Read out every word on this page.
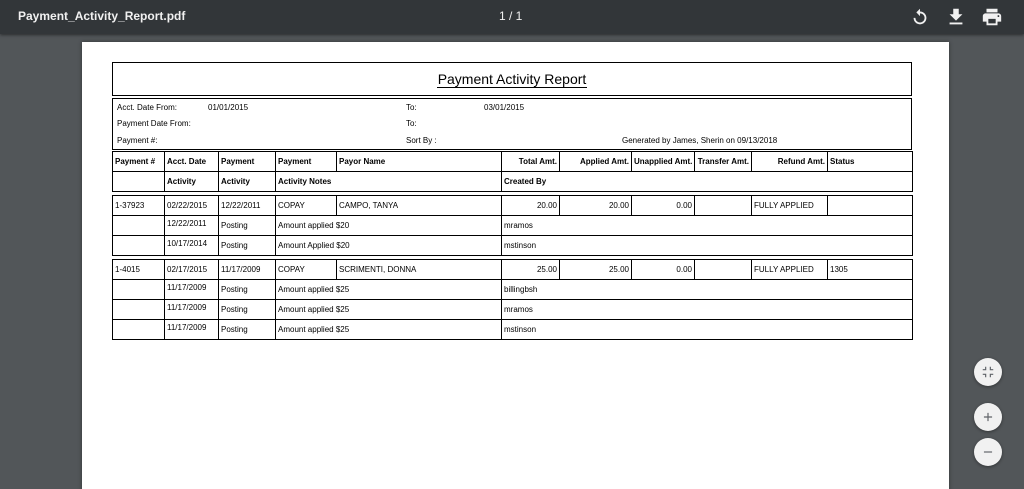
Payment_Activity_Report.pdf	1 / 1
Payment Activity Report
Acct. Date From:	01/01/2015	To:	03/01/2015
Payment Date From:	To:
Payment #:	Sort By :	Generated by James, Sherin on 09/13/2018
Payment #	Acct. Date	Payment	Payment	Payor Name	Total Amt.	Applied Amt.	Unapplied Amt.	Transfer Amt.	Refund Amt.	Status	
	Activity	Activity	Activity Notes		Created By						

1-37923	02/22/2015	12/22/2011	COPAY	CAMPO, TANYA	20.00	20.00	0.00		FULLY APPLIED		
	12/22/2011	Posting	Amount applied $20		mramos						
	10/17/2014	Posting	Amount Applied $20		mstinson						

1-4015	02/17/2015	11/17/2009	COPAY	SCRIMENTI, DONNA	25.00	25.00	0.00		FULLY APPLIED	1305	
	11/17/2009	Posting	Amount applied $25		billingbsh						
	11/17/2009	Posting	Amount applied $25		mramos						
	11/17/2009	Posting	Amount applied $25		mstinson						
